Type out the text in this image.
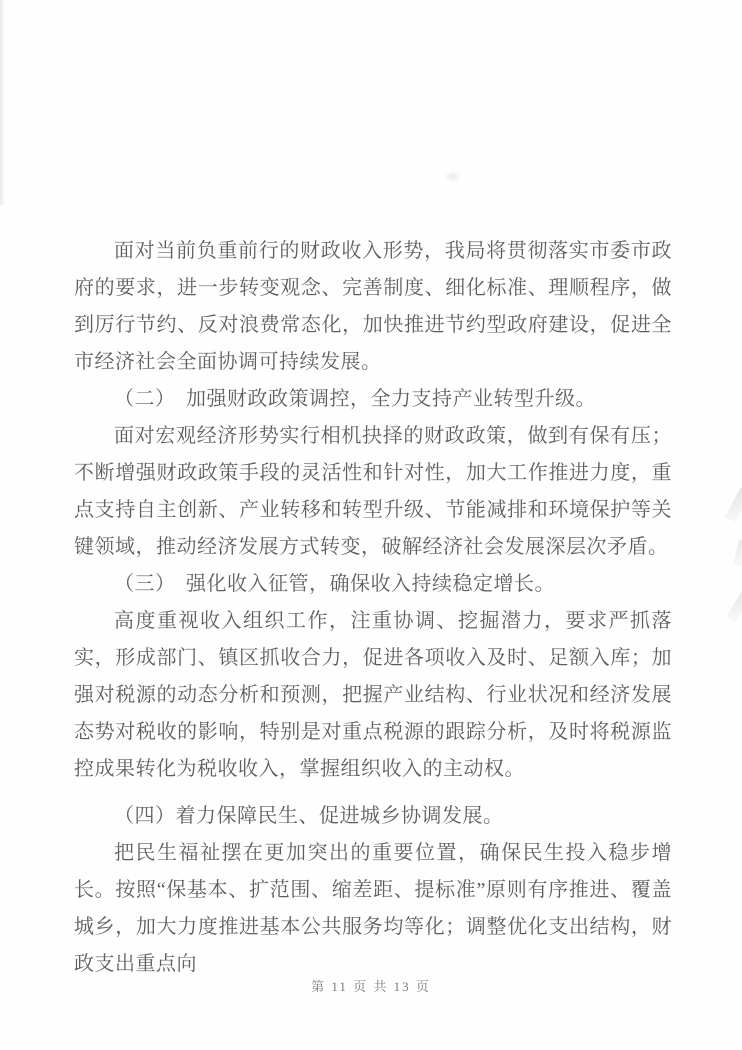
面对当前负重前行的财政收入形势，我局将贯彻落实市委市政府的要求，进一步转变观念、完善制度、细化标准、理顺程序，做到厉行节约、反对浪费常态化，加快推进节约型政府建设，促进全市经济社会全面协调可持续发展。

（二）　加强财政政策调控，全力支持产业转型升级。

面对宏观经济形势实行相机抉择的财政政策，做到有保有压；不断增强财政政策手段的灵活性和针对性，加大工作推进力度，重点支持自主创新、产业转移和转型升级、节能减排和环境保护等关键领域，推动经济发展方式转变，破解经济社会发展深层次矛盾。

（三）　强化收入征管，确保收入持续稳定增长。

高度重视收入组织工作，注重协调、挖掘潜力，要求严抓落实，形成部门、镇区抓收合力，促进各项收入及时、足额入库；加强对税源的动态分析和预测，把握产业结构、行业状况和经济发展态势对税收的影响，特别是对重点税源的跟踪分析，及时将税源监控成果转化为税收收入，掌握组织收入的主动权。

（四）着力保障民生、促进城乡协调发展。

把民生福祉摆在更加突出的重要位置，确保民生投入稳步增长。按照“保基本、扩范围、缩差距、提标准”原则有序推进、覆盖城乡，加大力度推进基本公共服务均等化；调整优化支出结构，财政支出重点向

第 11 页 共 13 页
